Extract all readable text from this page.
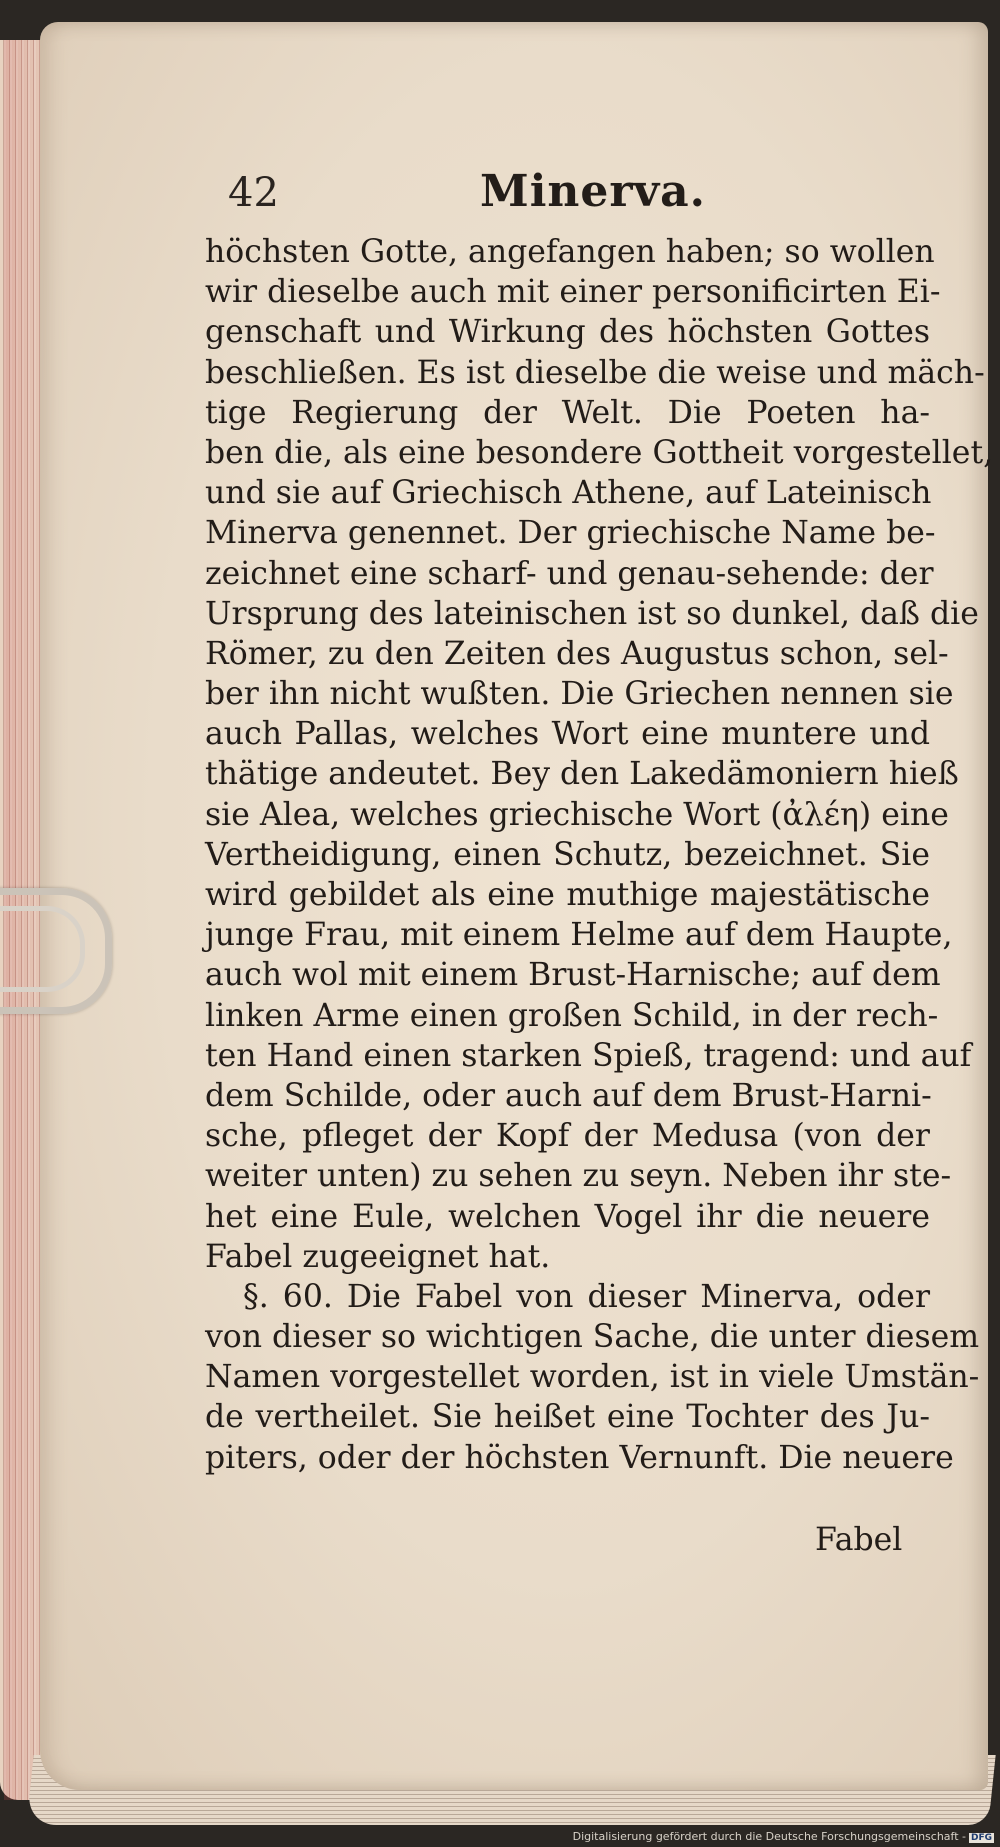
42	Minerva.
höchsten Gotte, angefangen haben; so wollen
wir dieselbe auch mit einer personificirten Ei-
genschaft und Wirkung des höchsten Gottes
beschließen. Es ist dieselbe die weise und mäch-
tige Regierung der Welt. Die Poeten ha-
ben die, als eine besondere Gottheit vorgestellet,
und sie auf Griechisch Athene, auf Lateinisch
Minerva genennet. Der griechische Name be-
zeichnet eine scharf- und genau-sehende: der
Ursprung des lateinischen ist so dunkel, daß die
Römer, zu den Zeiten des Augustus schon, sel-
ber ihn nicht wußten. Die Griechen nennen sie
auch Pallas, welches Wort eine muntere und
thätige andeutet. Bey den Lakedämoniern hieß
sie Alea, welches griechische Wort (ἀλέη) eine
Vertheidigung, einen Schutz, bezeichnet. Sie
wird gebildet als eine muthige majestätische
junge Frau, mit einem Helme auf dem Haupte,
auch wol mit einem Brust-Harnische; auf dem
linken Arme einen großen Schild, in der rech-
ten Hand einen starken Spieß, tragend: und auf
dem Schilde, oder auch auf dem Brust-Harni-
sche, pfleget der Kopf der Medusa (von der
weiter unten) zu sehen zu seyn. Neben ihr ste-
het eine Eule, welchen Vogel ihr die neuere
Fabel zugeeignet hat.
§. 60. Die Fabel von dieser Minerva, oder
von dieser so wichtigen Sache, die unter diesem
Namen vorgestellet worden, ist in viele Umstän-
de vertheilet. Sie heißet eine Tochter des Ju-
piters, oder der höchsten Vernunft. Die neuere
Fabel
Digitalisierung gefördert durch die Deutsche Forschungsgemeinschaft - DFG
